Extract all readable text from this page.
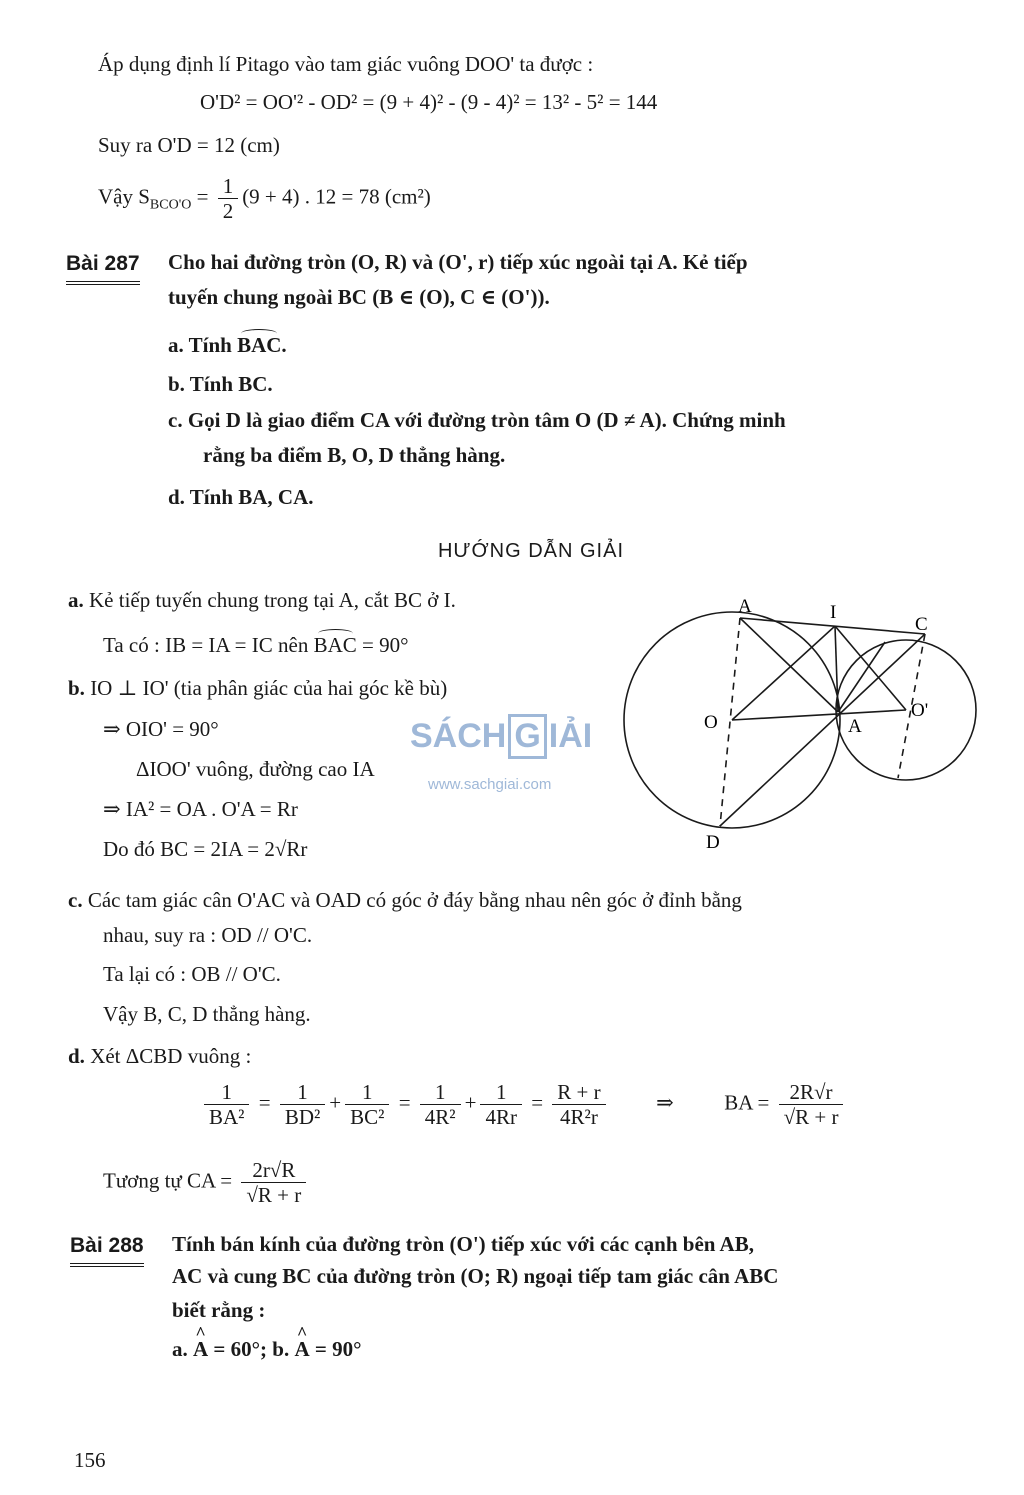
Áp dụng định lí Pitago vào tam giác vuông DOO' ta được :
O'D² = OO'² - OD² = (9 + 4)² - (9 - 4)² = 13² - 5² = 144
Suy ra O'D = 12 (cm)
Vậy $S_{BCO'O} = \frac{1}{2} (9 + 4)$ . 12 = 78 (cm²)
Bài 287 Cho hai đường tròn (O, R) và (O', r) tiếp xúc ngoài tại A. Kẻ tiếp
tuyến chung ngoài BC (B ∈ (O), C ∈ (O')).
a. Tính BAC.
b. Tính BC.
c. Gọi D là giao điểm CA với đường tròn tâm O (D ≠ A). Chứng minh
rằng ba điểm B, O, D thẳng hàng.
d. Tính BA, CA.
HƯỚNG DẪN GIẢI
a. Kẻ tiếp tuyến chung trong tại A, cắt BC ở I.
Ta có : IB = IA = IC nên BAC = 90°
b. IO ⊥ IO' (tia phân giác của hai góc kề bù)
⇒ OIO' = 90°
ΔIOO' vuông, đường cao IA
⇒ IA² = OA . O'A = Rr
Do đó BC = 2IA = 2√Rr
SÁCH G IẢI
www.sachgiai.com
A	I
C
O
O'
A
D
c. Các tam giác cân O'AC và OAD có góc ở đáy bằng nhau nên góc ở đỉnh bằng
nhau, suy ra : OD // O'C.
Ta lại có : OB // O'C.
Vậy B, C, D thẳng hàng.
d. Xét ΔCBD vuông :
$\frac{1}{\text{BA²}} = \frac{1}{\text{BD²}} + \frac{1}{\text{BC²}} = \frac{1}{\text{4R²}} + \frac{1}{4Rr} = \frac{R + r}{\text{4R²r}}$ ⇒ BA = $\frac{2R√r}{√R + r}$
Tương tự CA = $\frac{2r√R}{√R + r}$
Bài 288 Tính bán kính của đường tròn (O') tiếp xúc với các cạnh bên AB,
AC và cung BC của đường tròn (O; R) ngoại tiếp tam giác cân ABC
biết rằng :
a. ^ A = 60°; b. ^ A = 90°
156
